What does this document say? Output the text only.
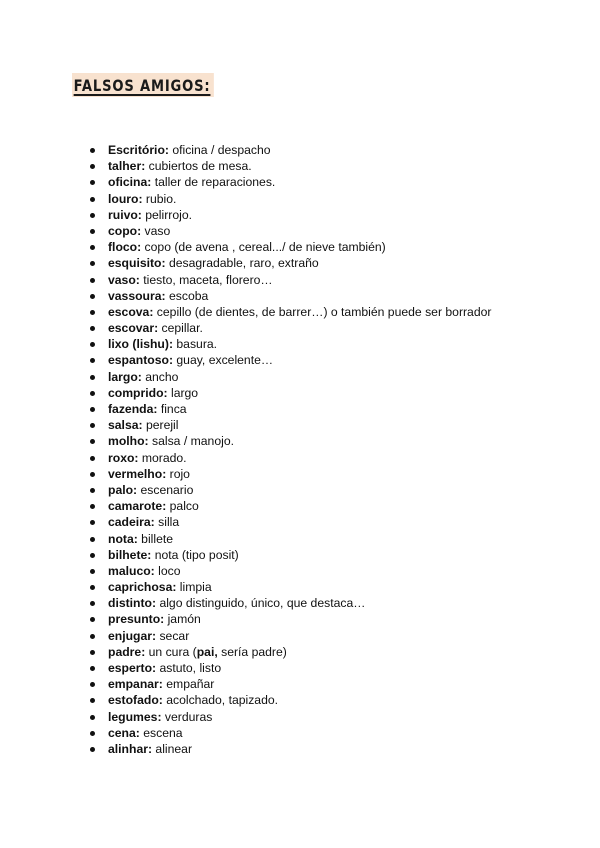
FALSOS AMIGOS:
Escritório: oficina / despacho
talher: cubiertos de mesa.
oficina: taller de reparaciones.
louro: rubio.
ruivo: pelirrojo.
copo: vaso
floco: copo (de avena , cereal.../ de nieve también)
esquisito: desagradable, raro, extraño
vaso: tiesto, maceta, florero…
vassoura: escoba
escova: cepillo (de dientes, de barrer…) o también puede ser borrador
escovar: cepillar.
lixo (lishu): basura.
espantoso: guay, excelente…
largo: ancho
comprido: largo
fazenda: finca
salsa: perejil
molho: salsa / manojo.
roxo: morado.
vermelho: rojo
palo: escenario
camarote: palco
cadeira: silla
nota: billete
bilhete: nota (tipo posit)
maluco: loco
caprichosa: limpia
distinto: algo distinguido, único, que destaca…
presunto: jamón
enjugar: secar
padre: un cura (pai, sería padre)
esperto: astuto, listo
empanar: empañar
estofado: acolchado, tapizado.
legumes: verduras
cena: escena
alinhar: alinear
